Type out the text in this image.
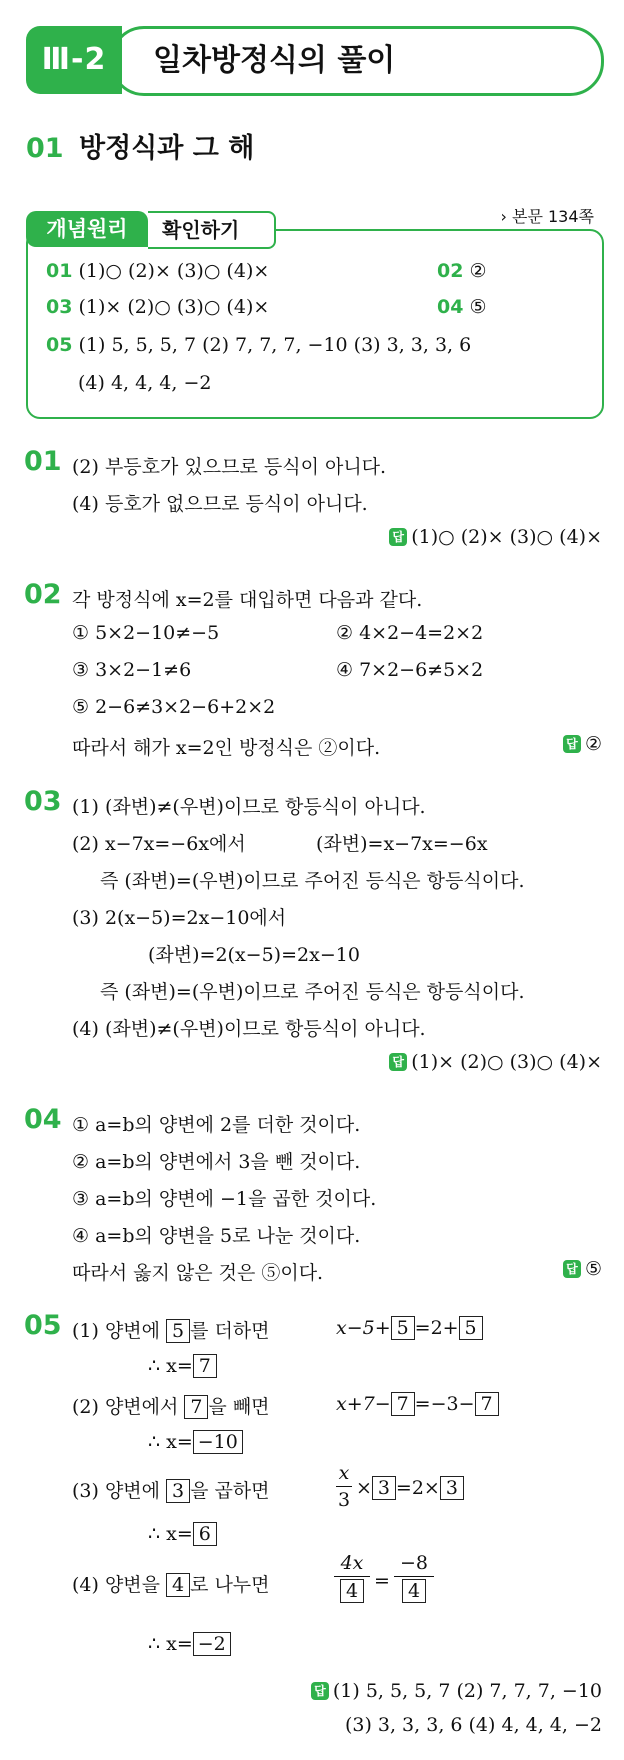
일차방정식의 풀이
Ⅲ-2
01 방정식과 그 해
개념원리	확인하기
› 본문 134쪽
01 (1)○ (2)× (3)○ (4)×	02 ②
03 (1)× (2)○ (3)○ (4)×	04 ⑤
05 (1) 5, 5, 5, 7 (2) 7, 7, 7, −10 (3) 3, 3, 3, 6
(4) 4, 4, 4, −2
01 (2) 부등호가 있으므로 등식이 아니다.
(4) 등호가 없으므로 등식이 아니다.
답 (1)○ (2)× (3)○ (4)×
02 각 방정식에 x=2를 대입하면 다음과 같다.
① 5×2−10≠−5	② 4×2−4=2×2
③ 3×2−1≠6	④ 7×2−6≠5×2
⑤ 2−6≠3×2−6+2×2
따라서 해가 x=2인 방정식은 ②이다.	답 ②
03 (1) (좌변)≠(우변)이므로 항등식이 아니다.
(2) x−7x=−6x에서	(좌변)=x−7x=−6x
즉 (좌변)=(우변)이므로 주어진 등식은 항등식이다.
(3) 2(x−5)=2x−10에서
(좌변)=2(x−5)=2x−10
즉 (좌변)=(우변)이므로 주어진 등식은 항등식이다.
(4) (좌변)≠(우변)이므로 항등식이 아니다.
답 (1)× (2)○ (3)○ (4)×
04 ① a=b의 양변에 2를 더한 것이다.
② a=b의 양변에서 3을 뺀 것이다.
③ a=b의 양변에 −1을 곱한 것이다.
④ a=b의 양변을 5로 나눈 것이다.
따라서 옳지 않은 것은 ⑤이다.	답 ⑤
05 (1) 양변에 5 를 더하면	x−5+ 5 =2+ 5
∴ x= 7
(2) 양변에서 7 을 빼면	x+7− 7 =−3− 7
∴ x= −10
(3) 양변에 3 을 곱하면
x
3
× 3 =2× 3
∴ x= 6
(4) 양변을 4 로 나누면
4x
4 =
−8
4
∴ x= −2
답 (1) 5, 5, 5, 7 (2) 7, 7, 7, −10
(3) 3, 3, 3, 6 (4) 4, 4, 4, −2
